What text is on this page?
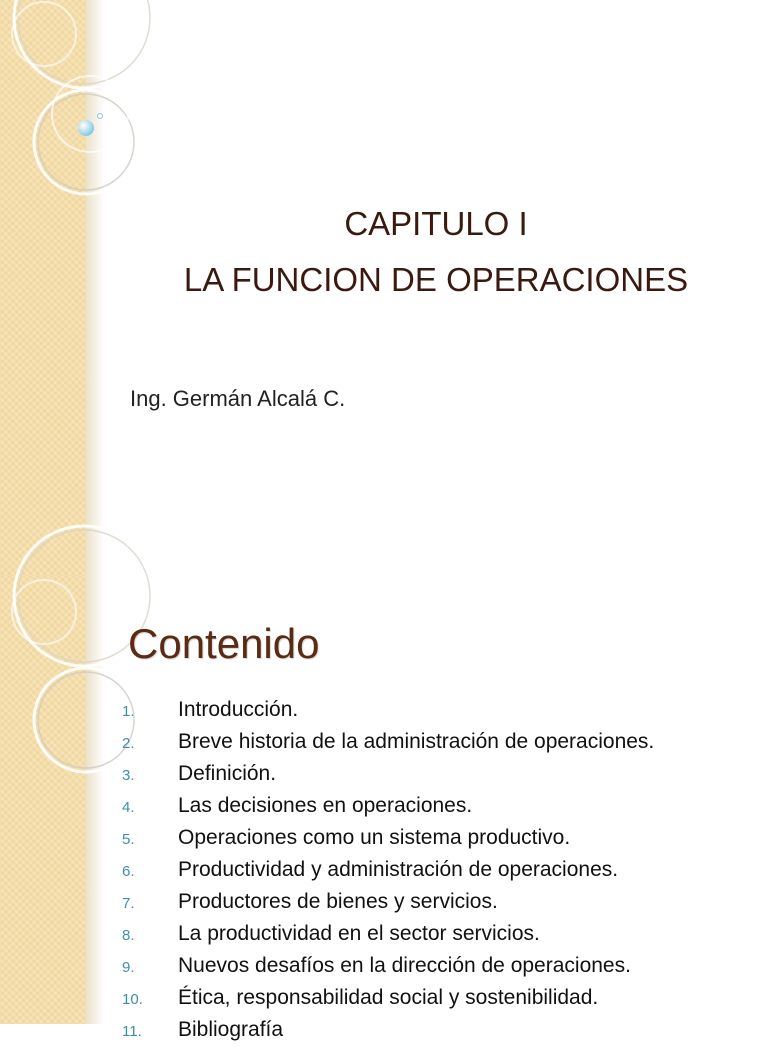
CAPITULO I
LA FUNCION DE OPERACIONES
Ing. Germán Alcalá C.
Contenido
1. Introducción.
2. Breve historia de la administración de operaciones.
3. Definición.
4. Las decisiones en operaciones.
5. Operaciones como un sistema productivo.
6. Productividad y administración de operaciones.
7. Productores de bienes y servicios.
8. La productividad en el sector servicios.
9. Nuevos desafíos en la dirección de operaciones.
10. Ética, responsabilidad social y sostenibilidad.
11. Bibliografía
